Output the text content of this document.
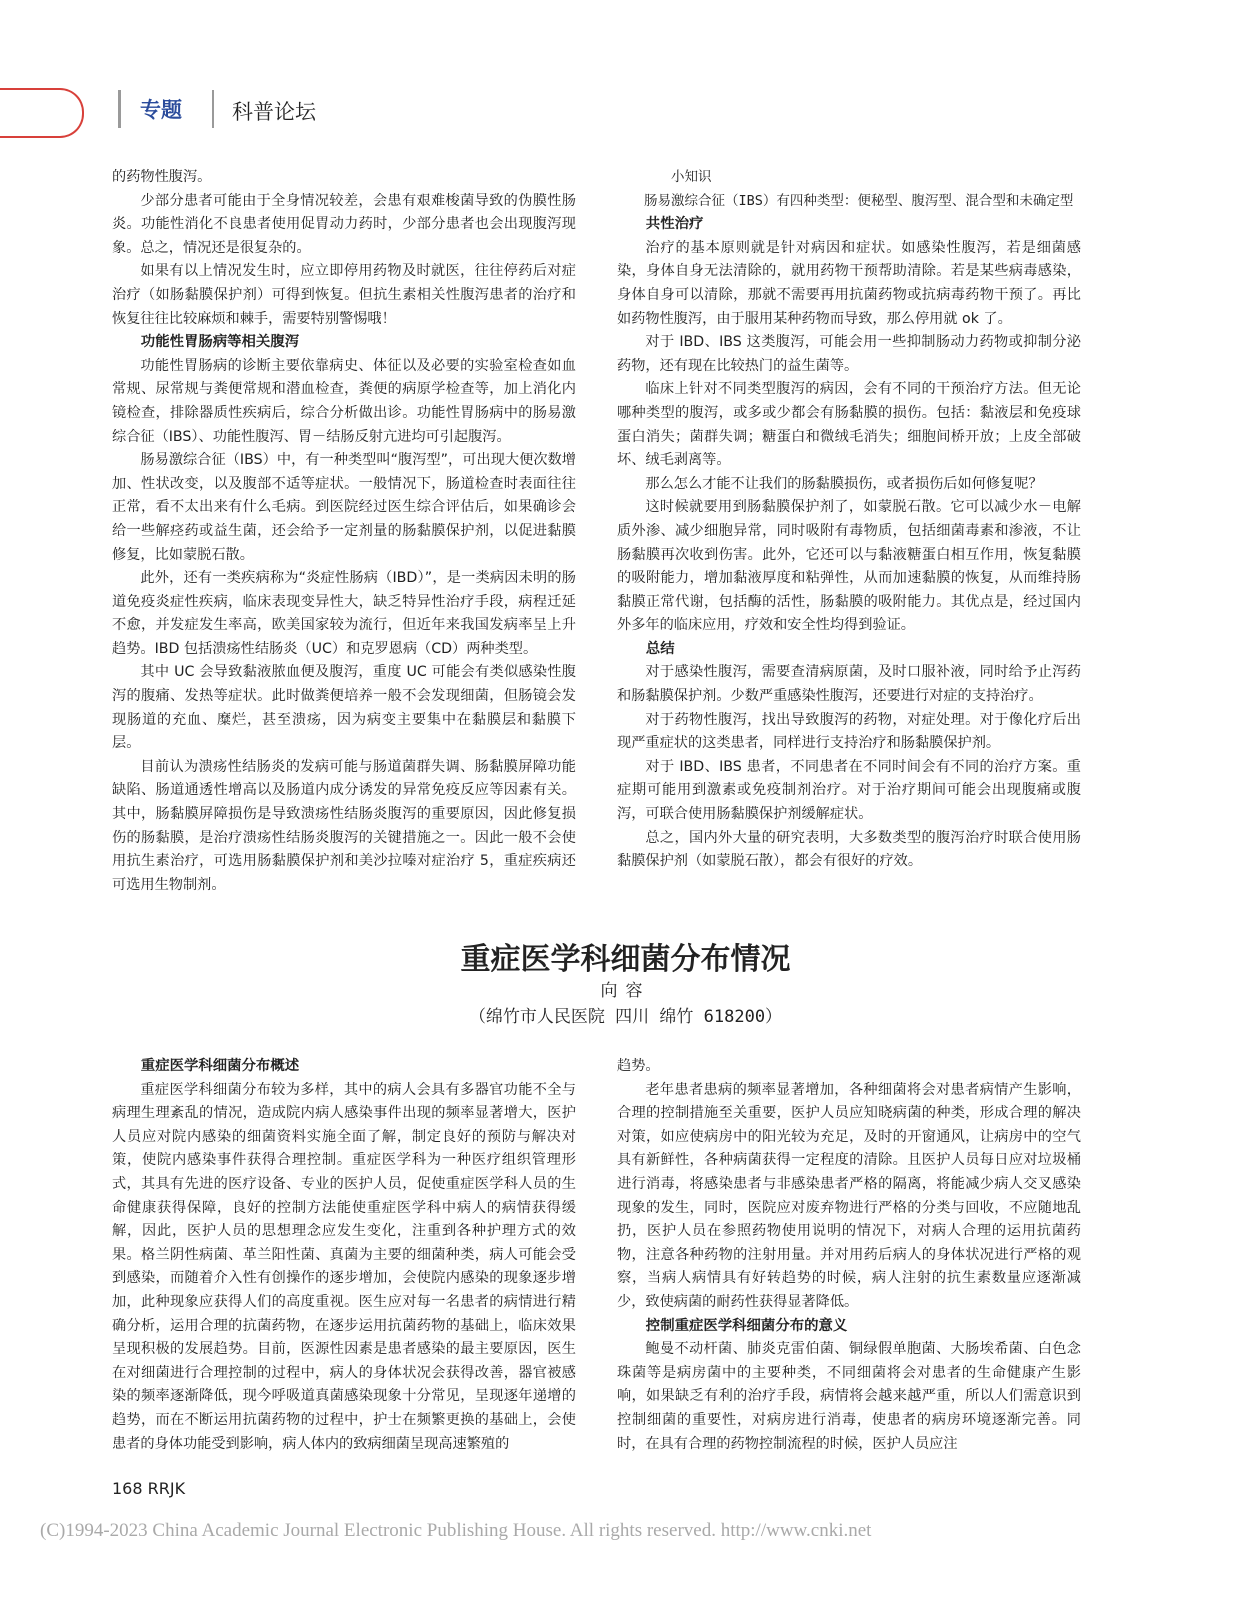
专题 科普论坛

的药物性腹泻。

少部分患者可能由于全身情况较差，会患有艰难梭菌导致的伪膜性肠炎。功能性消化不良患者使用促胃动力药时，少部分患者也会出现腹泻现象。总之，情况还是很复杂的。

如果有以上情况发生时，应立即停用药物及时就医，往往停药后对症治疗（如肠黏膜保护剂）可得到恢复。但抗生素相关性腹泻患者的治疗和恢复往往比较麻烦和棘手，需要特别警惕哦！

功能性胃肠病等相关腹泻

功能性胃肠病的诊断主要依靠病史、体征以及必要的实验室检查如血常规、尿常规与粪便常规和潜血检查，粪便的病原学检查等，加上消化内镜检查，排除器质性疾病后，综合分析做出诊。功能性胃肠病中的肠易激综合征（IBS）、功能性腹泻、胃－结肠反射亢进均可引起腹泻。

肠易激综合征（IBS）中，有一种类型叫“腹泻型”，可出现大便次数增加、性状改变，以及腹部不适等症状。一般情况下，肠道检查时表面往往正常，看不太出来有什么毛病。到医院经过医生综合评估后，如果确诊会给一些解痉药或益生菌，还会给予一定剂量的肠黏膜保护剂，以促进黏膜修复，比如蒙脱石散。

此外，还有一类疾病称为“炎症性肠病（IBD）”，是一类病因未明的肠道免疫炎症性疾病，临床表现变异性大，缺乏特异性治疗手段，病程迁延不愈，并发症发生率高，欧美国家较为流行，但近年来我国发病率呈上升趋势。IBD 包括溃疡性结肠炎（UC）和克罗恩病（CD）两种类型。

其中 UC 会导致黏液脓血便及腹泻，重度 UC 可能会有类似感染性腹泻的腹痛、发热等症状。此时做粪便培养一般不会发现细菌，但肠镜会发现肠道的充血、糜烂，甚至溃疡，因为病变主要集中在黏膜层和黏膜下层。

目前认为溃疡性结肠炎的发病可能与肠道菌群失调、肠黏膜屏障功能缺陷、肠道通透性增高以及肠道内成分诱发的异常免疫反应等因素有关。其中，肠黏膜屏障损伤是导致溃疡性结肠炎腹泻的重要原因，因此修复损伤的肠黏膜，是治疗溃疡性结肠炎腹泻的关键措施之一。因此一般不会使用抗生素治疗，可选用肠黏膜保护剂和美沙拉嗪对症治疗 5，重症疾病还可选用生物制剂。

小知识

肠易激综合征（IBS）有四种类型：便秘型、腹泻型、混合型和未确定型

共性治疗

治疗的基本原则就是针对病因和症状。如感染性腹泻，若是细菌感染，身体自身无法清除的，就用药物干预帮助清除。若是某些病毒感染，身体自身可以清除，那就不需要再用抗菌药物或抗病毒药物干预了。再比如药物性腹泻，由于服用某种药物而导致，那么停用就 ok 了。

对于 IBD、IBS 这类腹泻，可能会用一些抑制肠动力药物或抑制分泌药物，还有现在比较热门的益生菌等。

临床上针对不同类型腹泻的病因，会有不同的干预治疗方法。但无论哪种类型的腹泻，或多或少都会有肠黏膜的损伤。包括：黏液层和免疫球蛋白消失；菌群失调；糖蛋白和微绒毛消失；细胞间桥开放；上皮全部破坏、绒毛剥离等。

那么怎么才能不让我们的肠黏膜损伤，或者损伤后如何修复呢？

这时候就要用到肠黏膜保护剂了，如蒙脱石散。它可以减少水－电解质外渗、减少细胞异常，同时吸附有毒物质，包括细菌毒素和渗液，不让肠黏膜再次收到伤害。此外，它还可以与黏液糖蛋白相互作用，恢复黏膜的吸附能力，增加黏液厚度和粘弹性，从而加速黏膜的恢复，从而维持肠黏膜正常代谢，包括酶的活性，肠黏膜的吸附能力。其优点是，经过国内外多年的临床应用，疗效和安全性均得到验证。

总结

对于感染性腹泻，需要查清病原菌，及时口服补液，同时给予止泻药和肠黏膜保护剂。少数严重感染性腹泻，还要进行对症的支持治疗。

对于药物性腹泻，找出导致腹泻的药物，对症处理。对于像化疗后出现严重症状的这类患者，同样进行支持治疗和肠黏膜保护剂。

对于 IBD、IBS 患者，不同患者在不同时间会有不同的治疗方案。重症期可能用到激素或免疫制剂治疗。对于治疗期间可能会出现腹痛或腹泻，可联合使用肠黏膜保护剂缓解症状。

总之，国内外大量的研究表明，大多数类型的腹泻治疗时联合使用肠黏膜保护剂（如蒙脱石散），都会有很好的疗效。

重症医学科细菌分布情况
向容
（绵竹市人民医院 四川 绵竹 618200）
重症医学科细菌分布概述

重症医学科细菌分布较为多样，其中的病人会具有多器官功能不全与病理生理紊乱的情况，造成院内病人感染事件出现的频率显著增大，医护人员应对院内感染的细菌资料实施全面了解，制定良好的预防与解决对策，使院内感染事件获得合理控制。重症医学科为一种医疗组织管理形式，其具有先进的医疗设备、专业的医护人员，促使重症医学科人员的生命健康获得保障，良好的控制方法能使重症医学科中病人的病情获得缓解，因此，医护人员的思想理念应发生变化，注重到各种护理方式的效果。格兰阴性病菌、革兰阳性菌、真菌为主要的细菌种类，病人可能会受到感染，而随着介入性有创操作的逐步增加，会使院内感染的现象逐步增加，此种现象应获得人们的高度重视。医生应对每一名患者的病情进行精确分析，运用合理的抗菌药物，在逐步运用抗菌药物的基础上，临床效果呈现积极的发展趋势。目前，医源性因素是患者感染的最主要原因，医生在对细菌进行合理控制的过程中，病人的身体状况会获得改善，器官被感染的频率逐渐降低，现今呼吸道真菌感染现象十分常见，呈现逐年递增的趋势，而在不断运用抗菌药物的过程中，护士在频繁更换的基础上，会使患者的身体功能受到影响，病人体内的致病细菌呈现高速繁殖的

趋势。

老年患者患病的频率显著增加，各种细菌将会对患者病情产生影响，合理的控制措施至关重要，医护人员应知晓病菌的种类，形成合理的解决对策，如应使病房中的阳光较为充足，及时的开窗通风，让病房中的空气具有新鲜性，各种病菌获得一定程度的清除。且医护人员每日应对垃圾桶进行消毒，将感染患者与非感染患者严格的隔离，将能减少病人交叉感染现象的发生，同时，医院应对废弃物进行严格的分类与回收，不应随地乱扔，医护人员在参照药物使用说明的情况下，对病人合理的运用抗菌药物，注意各种药物的注射用量。并对用药后病人的身体状况进行严格的观察，当病人病情具有好转趋势的时候，病人注射的抗生素数量应逐渐减少，致使病菌的耐药性获得显著降低。

控制重症医学科细菌分布的意义

鲍曼不动杆菌、肺炎克雷伯菌、铜绿假单胞菌、大肠埃希菌、白色念珠菌等是病房菌中的主要种类，不同细菌将会对患者的生命健康产生影响，如果缺乏有利的治疗手段，病情将会越来越严重，所以人们需意识到控制细菌的重要性，对病房进行消毒，使患者的病房环境逐渐完善。同时，在具有合理的药物控制流程的时候，医护人员应注

168 RRJK
(C)1994-2023 China Academic Journal Electronic Publishing House. All rights reserved. http://www.cnki.net
